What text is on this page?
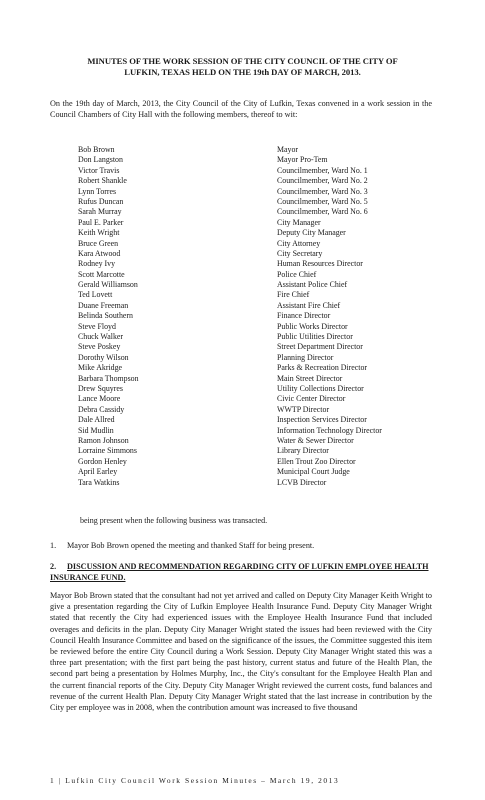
MINUTES OF THE WORK SESSION OF THE CITY COUNCIL OF THE CITY OF
LUFKIN, TEXAS HELD ON THE 19th DAY OF MARCH, 2013.
On the 19th day of March, 2013, the City Council of the City of Lufkin, Texas convened in a work session in the Council Chambers of City Hall with the following members, thereof to wit:
Bob Brown	Mayor
Don Langston	Mayor Pro-Tem
Victor Travis	Councilmember, Ward No. 1
Robert Shankle	Councilmember, Ward No. 2
Lynn Torres	Councilmember, Ward No. 3
Rufus Duncan	Councilmember, Ward No. 5
Sarah Murray	Councilmember, Ward No. 6
Paul E. Parker	City Manager
Keith Wright	Deputy City Manager
Bruce Green	City Attorney
Kara Atwood	City Secretary
Rodney Ivy	Human Resources Director
Scott Marcotte	Police Chief
Gerald Williamson	Assistant Police Chief
Ted Lovett	Fire Chief
Duane Freeman	Assistant Fire Chief
Belinda Southern	Finance Director
Steve Floyd	Public Works Director
Chuck Walker	Public Utilities Director
Steve Poskey	Street Department Director
Dorothy Wilson	Planning Director
Mike Akridge	Parks & Recreation Director
Barbara Thompson	Main Street Director
Drew Squyres	Utility Collections Director
Lance Moore	Civic Center Director
Debra Cassidy	WWTP Director
Dale Allred	Inspection Services Director
Sid Mudlin	Information Technology Director
Ramon Johnson	Water & Sewer Director
Lorraine Simmons	Library Director
Gordon Henley	Ellen Trout Zoo Director
April Earley	Municipal Court Judge
Tara Watkins	LCVB Director
being present when the following business was transacted.
1. Mayor Bob Brown opened the meeting and thanked Staff for being present.
2. DISCUSSION AND RECOMMENDATION REGARDING CITY OF LUFKIN EMPLOYEE HEALTH INSURANCE FUND.
Mayor Bob Brown stated that the consultant had not yet arrived and called on Deputy City Manager Keith Wright to give a presentation regarding the City of Lufkin Employee Health Insurance Fund. Deputy City Manager Wright stated that recently the City had experienced issues with the Employee Health Insurance Fund that included overages and deficits in the plan. Deputy City Manager Wright stated the issues had been reviewed with the City Council Health Insurance Committee and based on the significance of the issues, the Committee suggested this item be reviewed before the entire City Council during a Work Session. Deputy City Manager Wright stated this was a three part presentation; with the first part being the past history, current status and future of the Health Plan, the second part being a presentation by Holmes Murphy, Inc., the City's consultant for the Employee Health Plan and the current financial reports of the City. Deputy City Manager Wright reviewed the current costs, fund balances and revenue of the current Health Plan. Deputy City Manager Wright stated that the last increase in contribution by the City per employee was in 2008, when the contribution amount was increased to five thousand
1 | Lufkin City Council Work Session Minutes – March 19, 2013
